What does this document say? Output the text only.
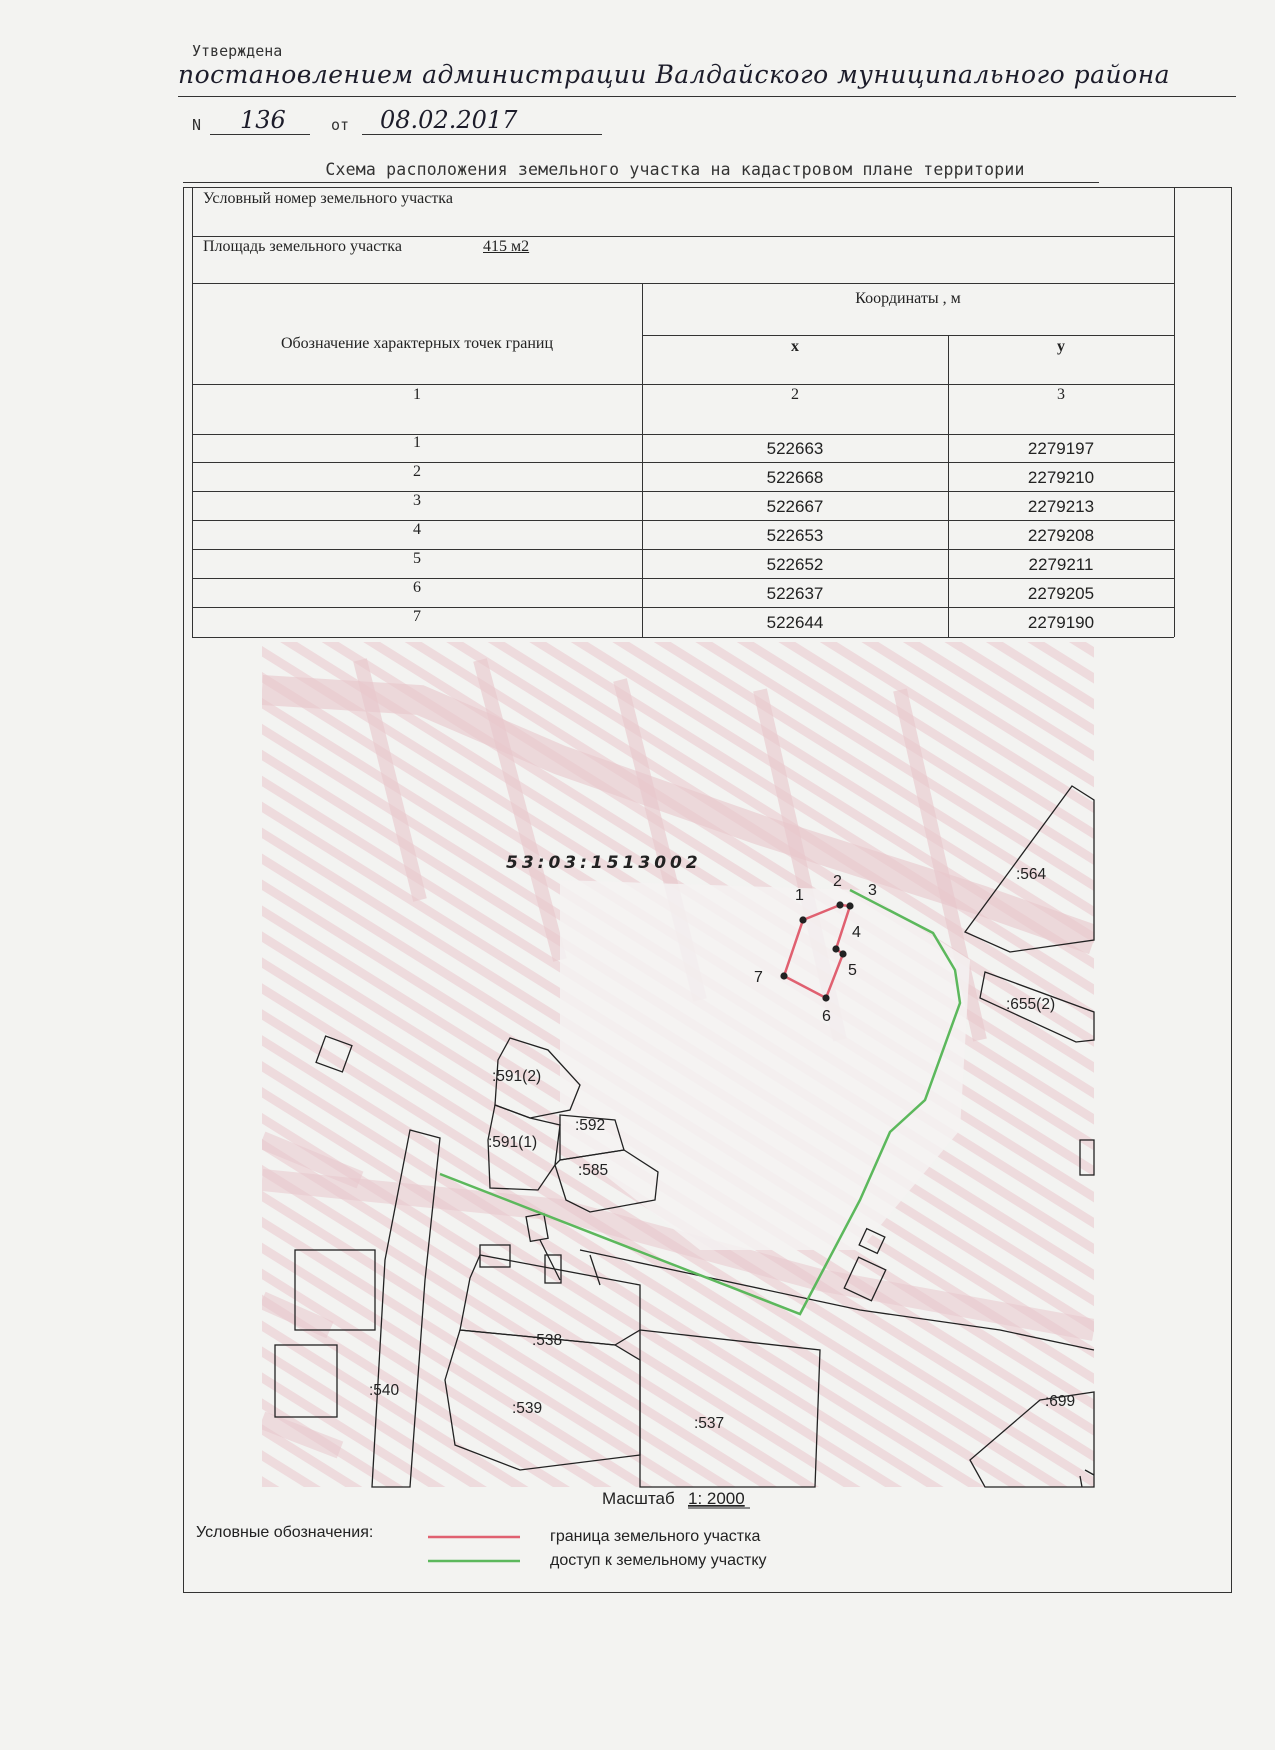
Утверждена
постановлением администрации Валдайского муниципального района
N 136	от 08.02.2017
Схема расположения земельного участка на кадастровом плане территории
Условный номер земельного участка
Площадь земельного участка	415 м2
Обозначение характерных точек границ
Координаты , м
x	y
1	2	3
1	522663	2279197
2	522668	2279210
3	522667	2279213
4	522653	2279208
5	522652	2279211
6	522637	2279205
7	522644	2279190
1
2
3
4
5
6
7
53:03:1513002
:564
:655(2)
:591(2)
:591(1)
:592
:585
:538
:539
:537
:540
:699
Масштаб 1: 2000
Условные обозначения:	граница земельного участка
доступ к земельному участку
